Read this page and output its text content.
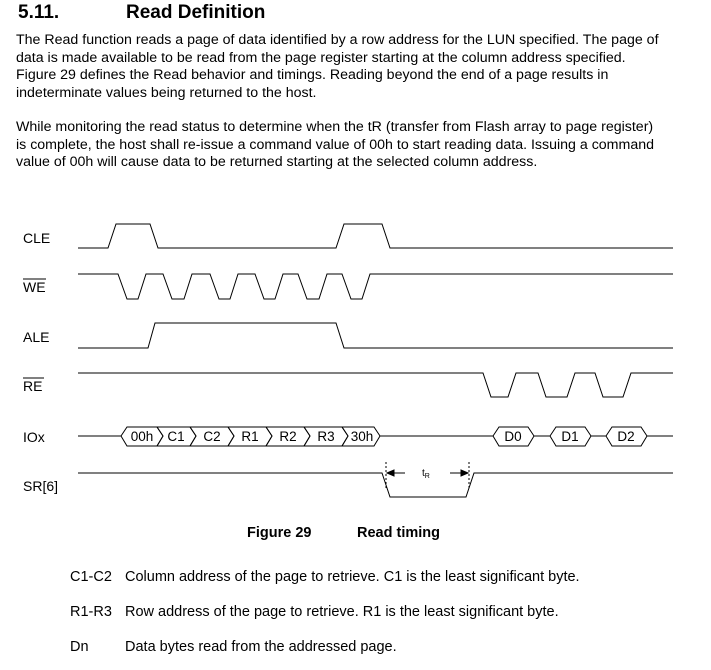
5.11.	Read Definition

The Read function reads a page of data identified by a row address for the LUN specified. The page of data is made available to be read from the page register starting at the column address specified. Figure 29 defines the Read behavior and timings. Reading beyond the end of a page results in indeterminate values being returned to the host.

While monitoring the read status to determine when the tR (transfer from Flash array to page register) is complete, the host shall re-issue a command value of 00h to start reading data. Issuing a command value of 00h will cause data to be returned starting at the selected column address.

CLE
WE
ALE
RE
IOx
SR[6]
00h C1 C2 R1 R2 R3 30h	D0	D1	D2
$t_R$
Figure 29	Read timing
C1-C2 Column address of the page to retrieve. C1 is the least significant byte.
R1-R3 Row address of the page to retrieve. R1 is the least significant byte.
Dn	Data bytes read from the addressed page.
